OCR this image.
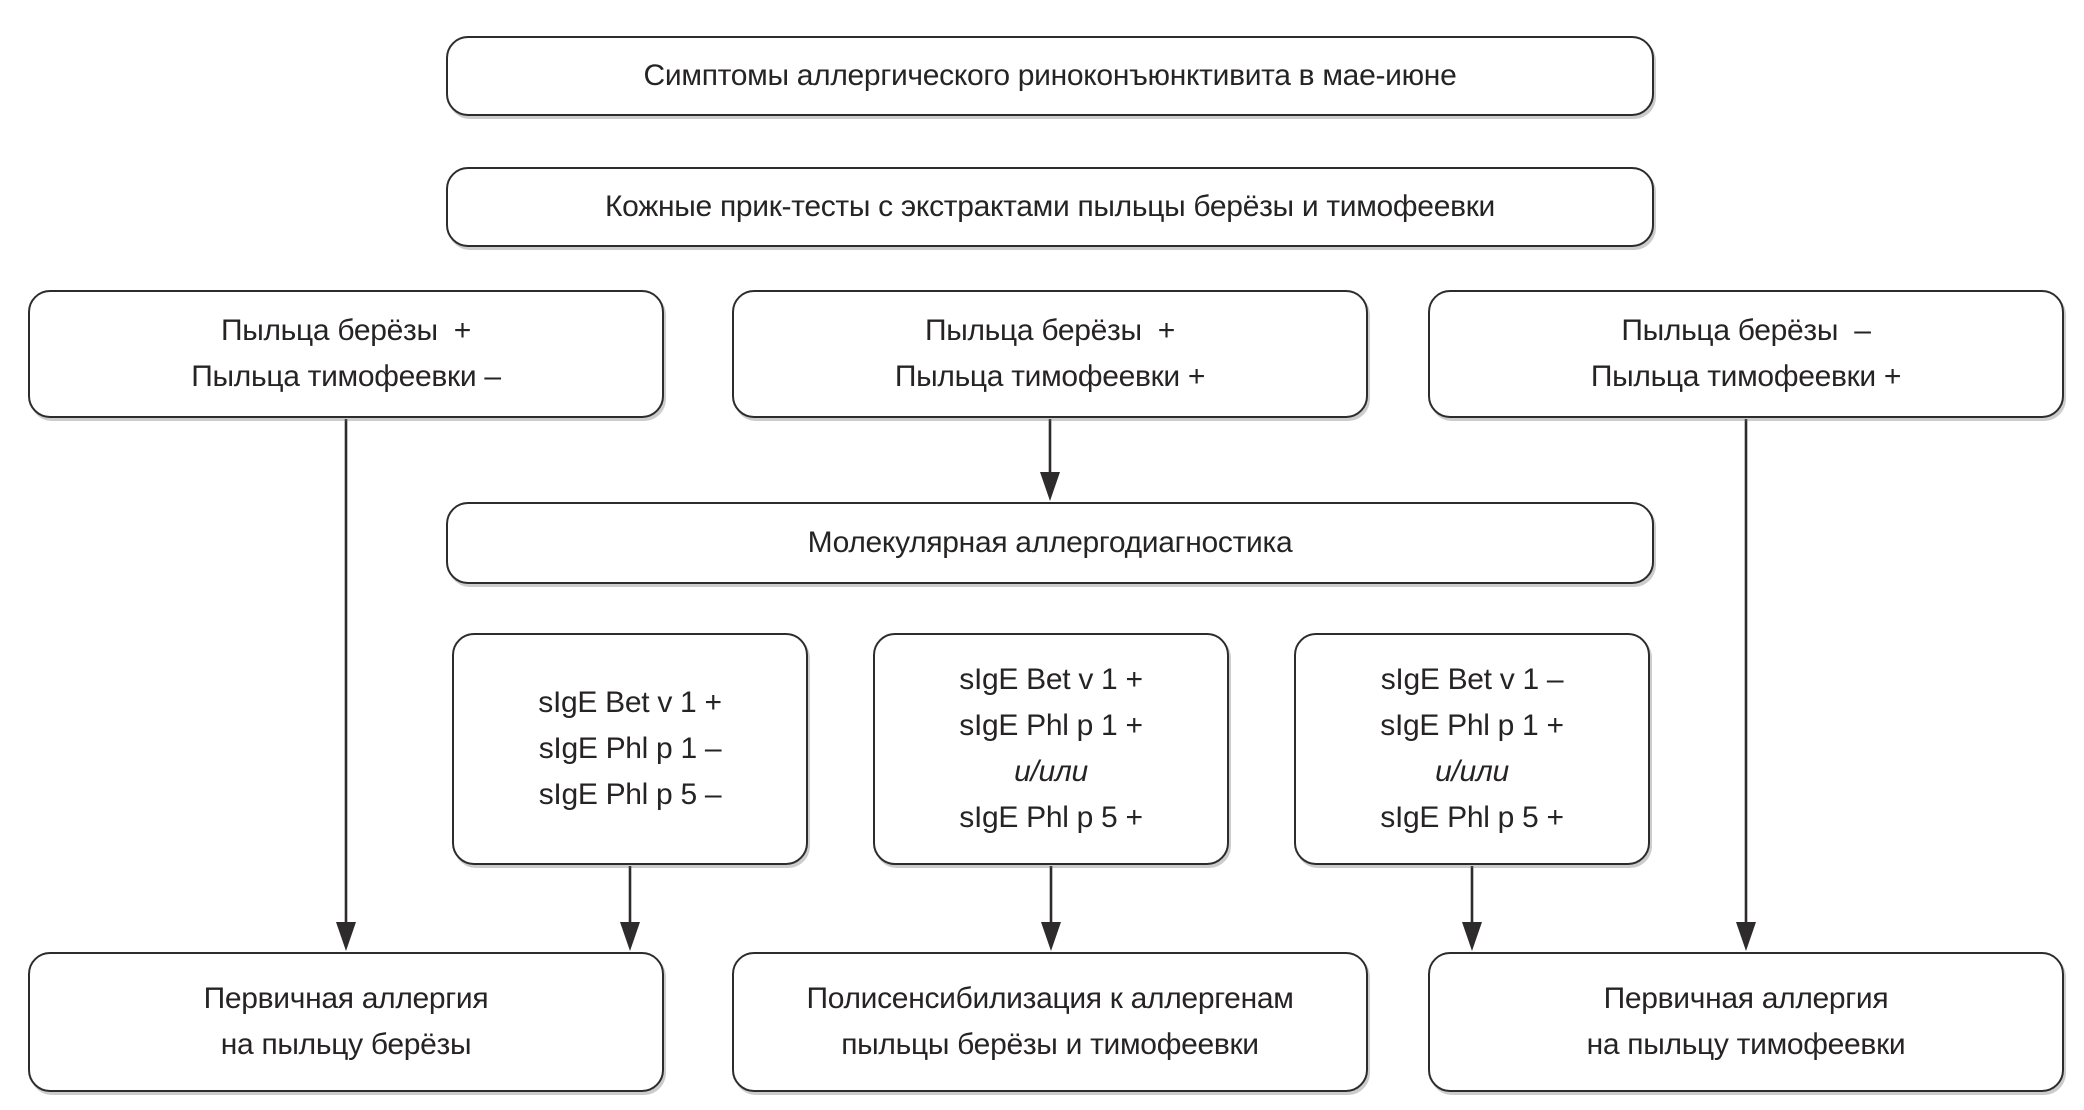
Симптомы аллергического риноконъюнктивита в мае-июне
Кожные прик-тесты с экстрактами пыльцы берёзы и тимофеевки
Пыльца берёзы  +
Пыльца тимофеевки –
Пыльца берёзы  +
Пыльца тимофеевки +
Пыльца берёзы  –
Пыльца тимофеевки +
Молекулярная аллергодиагностика
sIgE Bet v 1 +
sIgE Phl p 1 –
sIgE Phl p 5 –
sIgE Bet v 1 +
sIgE Phl p 1 +
и/или
sIgE Phl p 5 +
sIgE Bet v 1 –
sIgE Phl p 1 +
и/или
sIgE Phl p 5 +
Первичная аллергия
на пыльцу берёзы
Полисенсибилизация к аллергенам
пыльцы берёзы и тимофеевки
Первичная аллергия
на пыльцу тимофеевки
